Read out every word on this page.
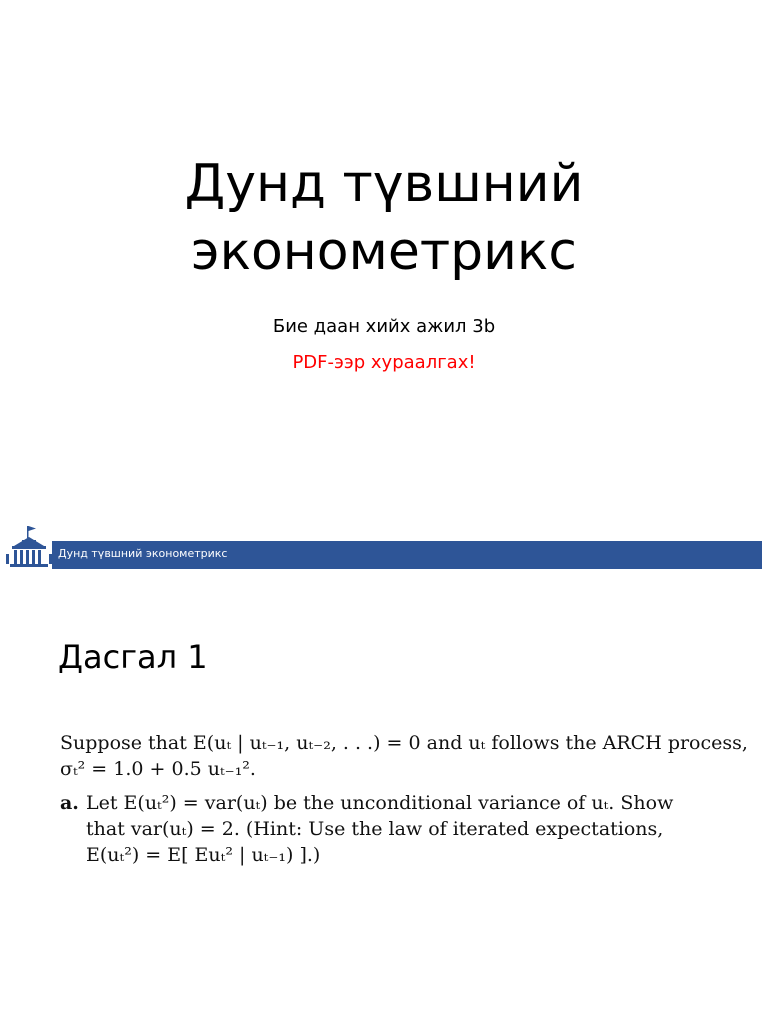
Дунд түвшний
эконометрикс
Бие даан хийх ажил 3b
PDF-ээр хураалгах!
Дунд түвшний эконометрикс
Дасгал 1
Suppose that E(uₜ | uₜ₋₁, uₜ₋₂, . . .) = 0 and uₜ follows the ARCH process,
σₜ² = 1.0 + 0.5 uₜ₋₁².
a. Let E(uₜ²) = var(uₜ) be the unconditional variance of uₜ. Show
that var(uₜ) = 2. (Hint: Use the law of iterated expectations,
E(uₜ²) = E[ Euₜ² | uₜ₋₁) ].)
